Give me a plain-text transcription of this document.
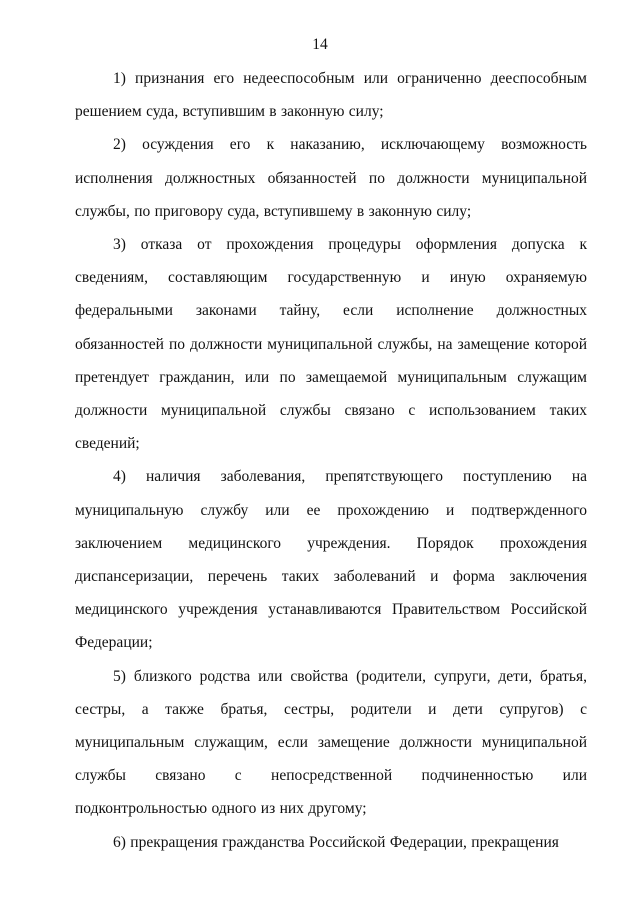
14

1) признания его недееспособным или ограниченно дееспособным решением суда, вступившим в законную силу;

2) осуждения его к наказанию, исключающему возможность исполнения должностных обязанностей по должности муниципальной службы, по приговору суда, вступившему в законную силу;

3) отказа от прохождения процедуры оформления допуска к сведениям, составляющим государственную и иную охраняемую федеральными законами тайну, если исполнение должностных обязанностей по должности муниципальной службы, на замещение которой претендует гражданин, или по замещаемой муниципальным служащим должности муниципальной службы связано с использованием таких сведений;

4) наличия заболевания, препятствующего поступлению на муниципальную службу или ее прохождению и подтвержденного заключением медицинского учреждения. Порядок прохождения диспансеризации, перечень таких заболеваний и форма заключения медицинского учреждения устанавливаются Правительством Российской Федерации;

5) близкого родства или свойства (родители, супруги, дети, братья, сестры, а также братья, сестры, родители и дети супругов) с муниципальным служащим, если замещение должности муниципальной службы связано с непосредственной подчиненностью или подконтрольностью одного из них другому;

6) прекращения гражданства Российской Федерации, прекращения
